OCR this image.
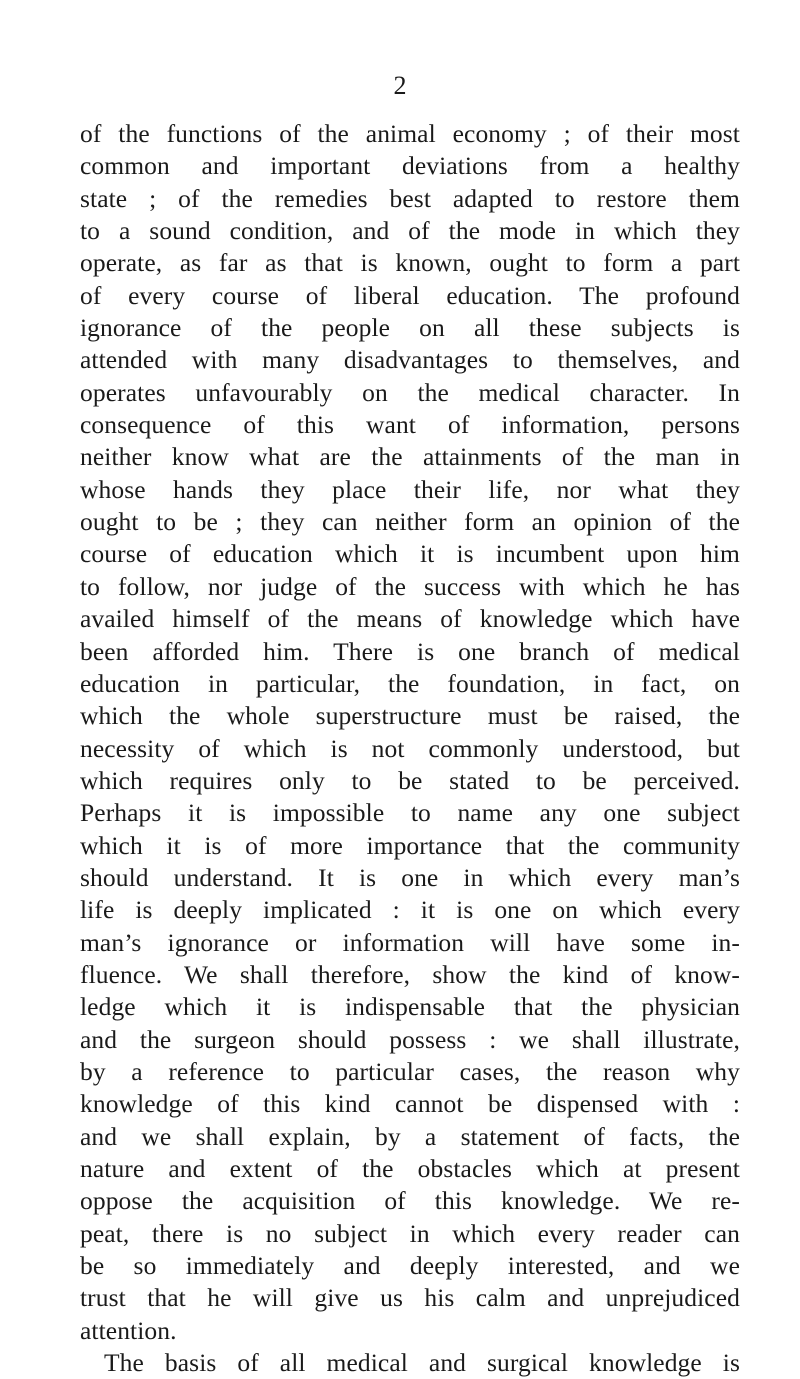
2
of the functions of the animal economy ; of their most
common and important deviations from a healthy
state ; of the remedies best adapted to restore them
to a sound condition, and of the mode in which they
operate, as far as that is known, ought to form a part
of every course of liberal education. The profound
ignorance of the people on all these subjects is
attended with many disadvantages to themselves, and
operates unfavourably on the medical character. In
consequence of this want of information, persons
neither know what are the attainments of the man in
whose hands they place their life, nor what they
ought to be ; they can neither form an opinion of the
course of education which it is incumbent upon him
to follow, nor judge of the success with which he has
availed himself of the means of knowledge which have
been afforded him. There is one branch of medical
education in particular, the foundation, in fact, on
which the whole superstructure must be raised, the
necessity of which is not commonly understood, but
which requires only to be stated to be perceived.
Perhaps it is impossible to name any one subject
which it is of more importance that the community
should understand. It is one in which every man’s
life is deeply implicated : it is one on which every
man’s ignorance or information will have some in-
fluence. We shall therefore, show the kind of know-
ledge which it is indispensable that the physician
and the surgeon should possess : we shall illustrate,
by a reference to particular cases, the reason why
knowledge of this kind cannot be dispensed with :
and we shall explain, by a statement of facts, the
nature and extent of the obstacles which at present
oppose the acquisition of this knowledge. We re-
peat, there is no subject in which every reader can
be so immediately and deeply interested, and we
trust that he will give us his calm and unprejudiced
attention.
The basis of all medical and surgical knowledge is
